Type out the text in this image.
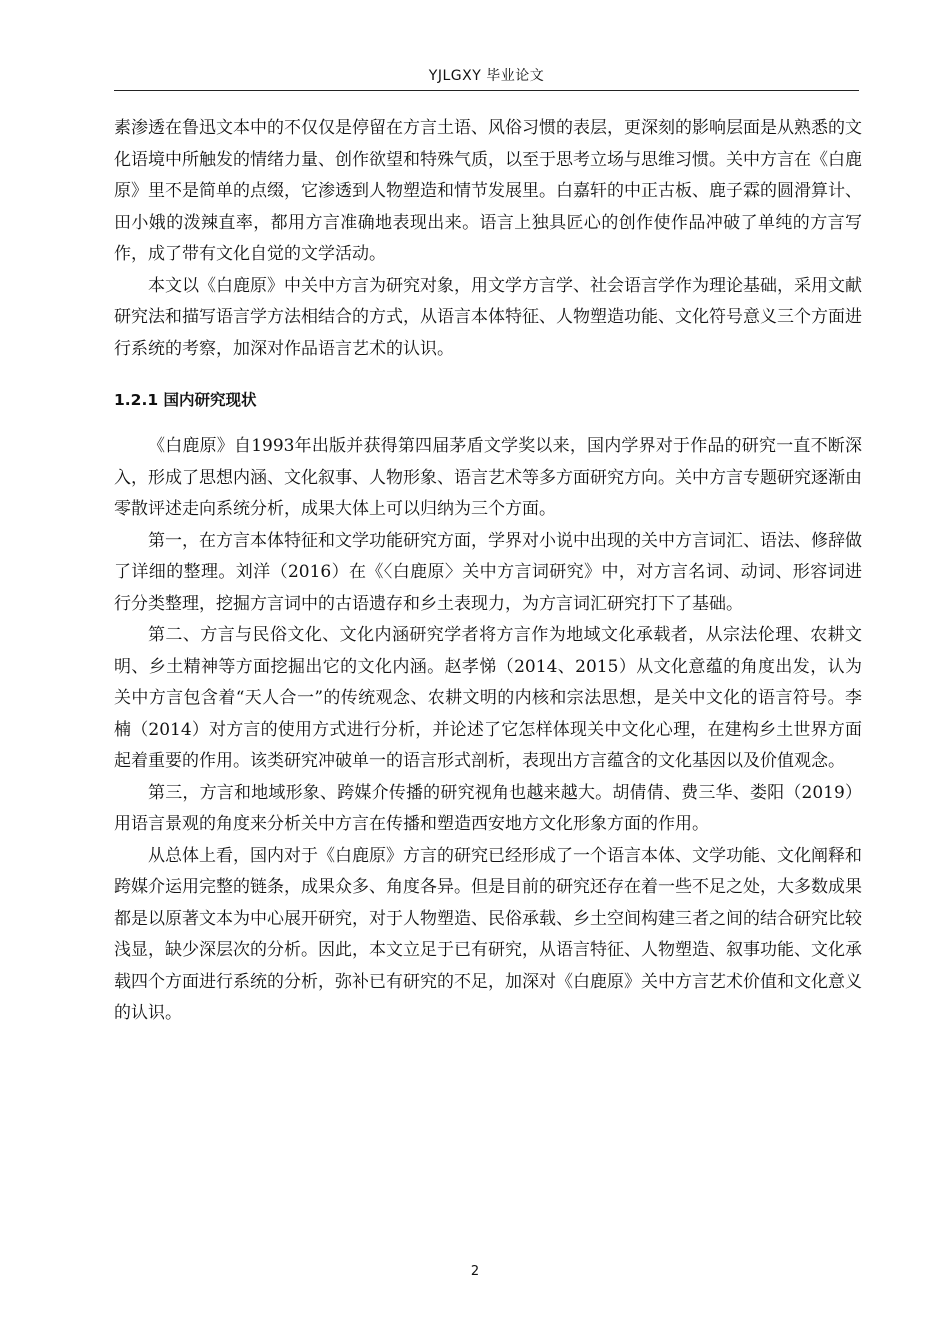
YJLGXY 毕业论文

素渗透在鲁迅文本中的不仅仅是停留在方言土语、风俗习惯的表层，更深刻的影响层面是从熟悉的文化语境中所触发的情绪力量、创作欲望和特殊气质，以至于思考立场与思维习惯。关中方言在《白鹿原》里不是简单的点缀，它渗透到人物塑造和情节发展里。白嘉轩的中正古板、鹿子霖的圆滑算计、田小娥的泼辣直率，都用方言准确地表现出来。语言上独具匠心的创作使作品冲破了单纯的方言写作，成了带有文化自觉的文学活动。

本文以《白鹿原》中关中方言为研究对象，用文学方言学、社会语言学作为理论基础，采用文献研究法和描写语言学方法相结合的方式，从语言本体特征、人物塑造功能、文化符号意义三个方面进行系统的考察，加深对作品语言艺术的认识。

1.2.1 国内研究现状

《白鹿原》自1993年出版并获得第四届茅盾文学奖以来，国内学界对于作品的研究一直不断深入，形成了思想内涵、文化叙事、人物形象、语言艺术等多方面研究方向。关中方言专题研究逐渐由零散评述走向系统分析，成果大体上可以归纳为三个方面。

第一，在方言本体特征和文学功能研究方面，学界对小说中出现的关中方言词汇、语法、修辞做了详细的整理。刘洋（2016）在《〈白鹿原〉关中方言词研究》中，对方言名词、动词、形容词进行分类整理，挖掘方言词中的古语遗存和乡土表现力，为方言词汇研究打下了基础。

第二、方言与民俗文化、文化内涵研究学者将方言作为地域文化承载者，从宗法伦理、农耕文明、乡土精神等方面挖掘出它的文化内涵。赵孝悌（2014、2015）从文化意蕴的角度出发，认为关中方言包含着“天人合一”的传统观念、农耕文明的内核和宗法思想，是关中文化的语言符号。李楠（2014）对方言的使用方式进行分析，并论述了它怎样体现关中文化心理，在建构乡土世界方面起着重要的作用。该类研究冲破单一的语言形式剖析，表现出方言蕴含的文化基因以及价值观念。

第三，方言和地域形象、跨媒介传播的研究视角也越来越大。胡倩倩、费三华、娄阳（2019）用语言景观的角度来分析关中方言在传播和塑造西安地方文化形象方面的作用。

从总体上看，国内对于《白鹿原》方言的研究已经形成了一个语言本体、文学功能、文化阐释和跨媒介运用完整的链条，成果众多、角度各异。但是目前的研究还存在着一些不足之处，大多数成果都是以原著文本为中心展开研究，对于人物塑造、民俗承载、乡土空间构建三者之间的结合研究比较浅显，缺少深层次的分析。因此，本文立足于已有研究，从语言特征、人物塑造、叙事功能、文化承载四个方面进行系统的分析，弥补已有研究的不足，加深对《白鹿原》关中方言艺术价值和文化意义的认识。

2
